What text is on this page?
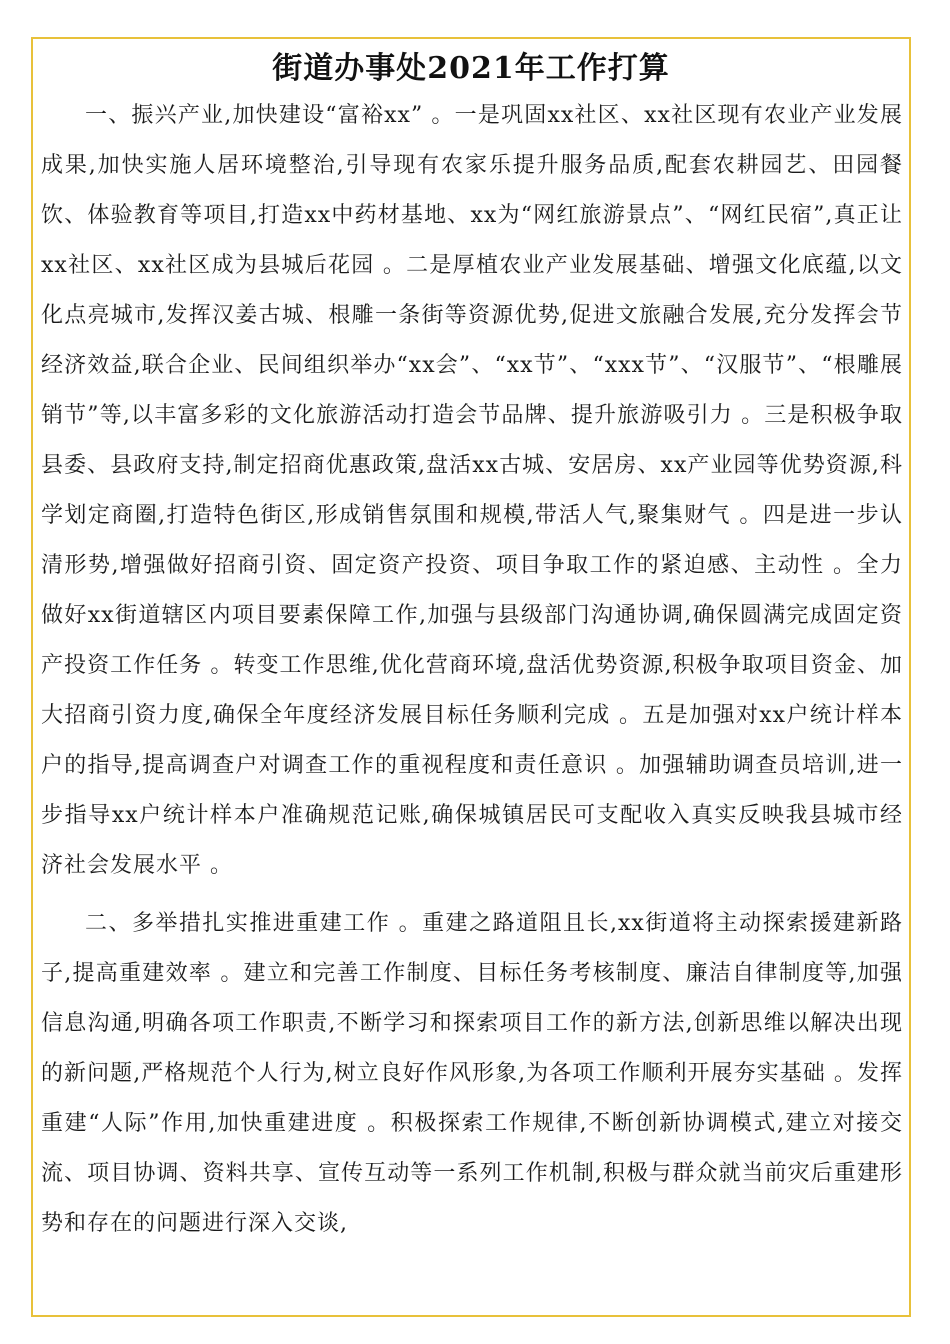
街道办事处2021年工作打算

一、振兴产业,加快建设“富裕xx” 。一是巩固xx社区、xx社区现有农业产业发展成果,加快实施人居环境整治,引导现有农家乐提升服务品质,配套农耕园艺、田园餐饮、体验教育等项目,打造xx中药材基地、xx为“网红旅游景点”、“网红民宿”,真正让xx社区、xx社区成为县城后花园 。二是厚植农业产业发展基础、增强文化底蕴,以文化点亮城市,发挥汉姜古城、根雕一条街等资源优势,促进文旅融合发展,充分发挥会节经济效益,联合企业、民间组织举办“xx会”、“xx节”、“xxx节”、“汉服节”、“根雕展销节”等,以丰富多彩的文化旅游活动打造会节品牌、提升旅游吸引力 。三是积极争取县委、县政府支持,制定招商优惠政策,盘活xx古城、安居房、xx产业园等优势资源,科学划定商圈,打造特色街区,形成销售氛围和规模,带活人气,聚集财气 。四是进一步认清形势,增强做好招商引资、固定资产投资、项目争取工作的紧迫感、主动性 。全力做好xx街道辖区内项目要素保障工作,加强与县级部门沟通协调,确保圆满完成固定资产投资工作任务 。转变工作思维,优化营商环境,盘活优势资源,积极争取项目资金、加大招商引资力度,确保全年度经济发展目标任务顺利完成 。五是加强对xx户统计样本户的指导,提高调查户对调查工作的重视程度和责任意识 。加强辅助调查员培训,进一步指导xx户统计样本户准确规范记账,确保城镇居民可支配收入真实反映我县城市经济社会发展水平 。

二、多举措扎实推进重建工作 。重建之路道阻且长,xx街道将主动探索援建新路子,提高重建效率 。建立和完善工作制度、目标任务考核制度、廉洁自律制度等,加强信息沟通,明确各项工作职责,不断学习和探索项目工作的新方法,创新思维以解决出现的新问题,严格规范个人行为,树立良好作风形象,为各项工作顺利开展夯实基础 。发挥重建“人际”作用,加快重建进度 。积极探索工作规律,不断创新协调模式,建立对接交流、项目协调、资料共享、宣传互动等一系列工作机制,积极与群众就当前灾后重建形势和存在的问题进行深入交谈,
